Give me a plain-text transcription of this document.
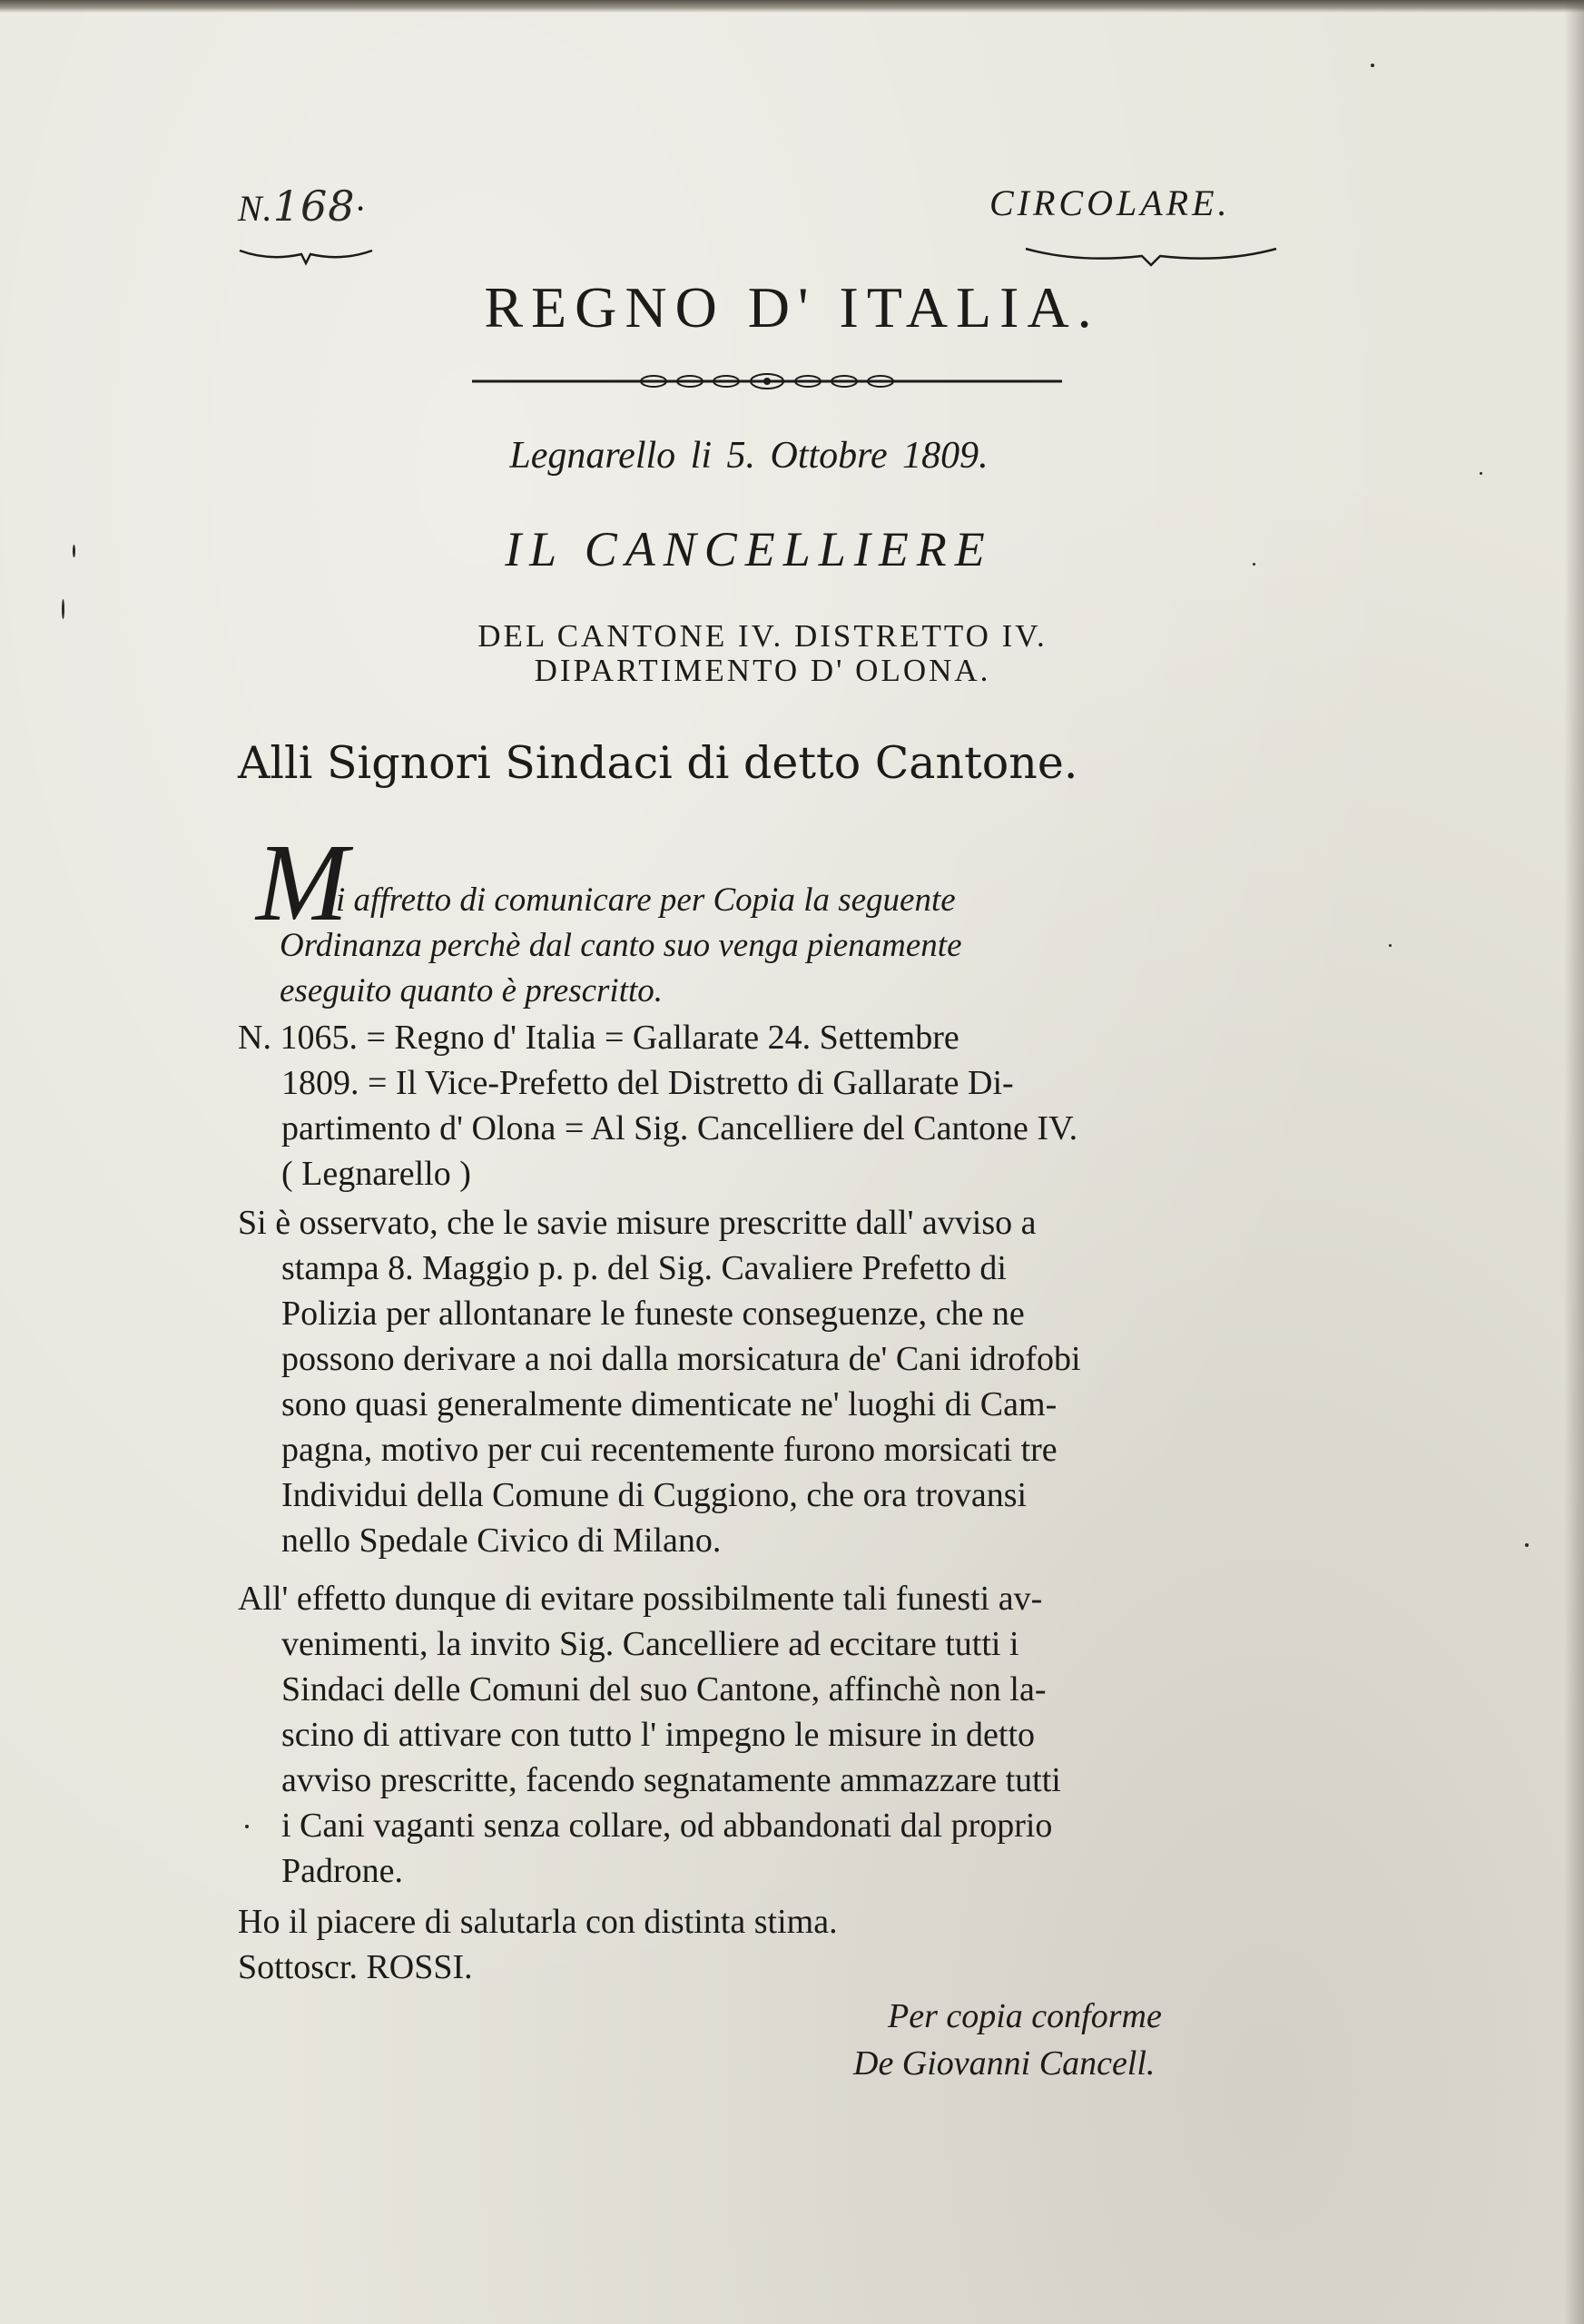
N.168·	CIRCOLARE.
REGNO D' ITALIA.
Legnarello li 5. Ottobre 1809.
IL CANCELLIERE
DEL CANTONE IV. DISTRETTO IV.
DIPARTIMENTO D' OLONA.
Alli Signori Sindaci di detto Cantone.
M
i affretto di comunicare per Copia la seguente
Ordinanza perchè dal canto suo venga pienamente
eseguito quanto è prescritto.
N. 1065. = Regno d' Italia = Gallarate 24. Settembre
1809. = Il Vice-Prefetto del Distretto di Gallarate Di-
partimento d' Olona = Al Sig. Cancelliere del Cantone IV.
( Legnarello )
Si è osservato, che le savie misure prescritte dall' avviso a
stampa 8. Maggio p. p. del Sig. Cavaliere Prefetto di
Polizia per allontanare le funeste conseguenze, che ne
possono derivare a noi dalla morsicatura de' Cani idrofobi
sono quasi generalmente dimenticate ne' luoghi di Cam-
pagna, motivo per cui recentemente furono morsicati tre
Individui della Comune di Cuggiono, che ora trovansi
nello Spedale Civico di Milano.
All' effetto dunque di evitare possibilmente tali funesti av-
venimenti, la invito Sig. Cancelliere ad eccitare tutti i
Sindaci delle Comuni del suo Cantone, affinchè non la-
scino di attivare con tutto l' impegno le misure in detto
avviso prescritte, facendo segnatamente ammazzare tutti
i Cani vaganti senza collare, od abbandonati dal proprio
Padrone.
Ho il piacere di salutarla con distinta stima.
Sottoscr. ROSSI.
Per copia conforme
De Giovanni Cancell.
